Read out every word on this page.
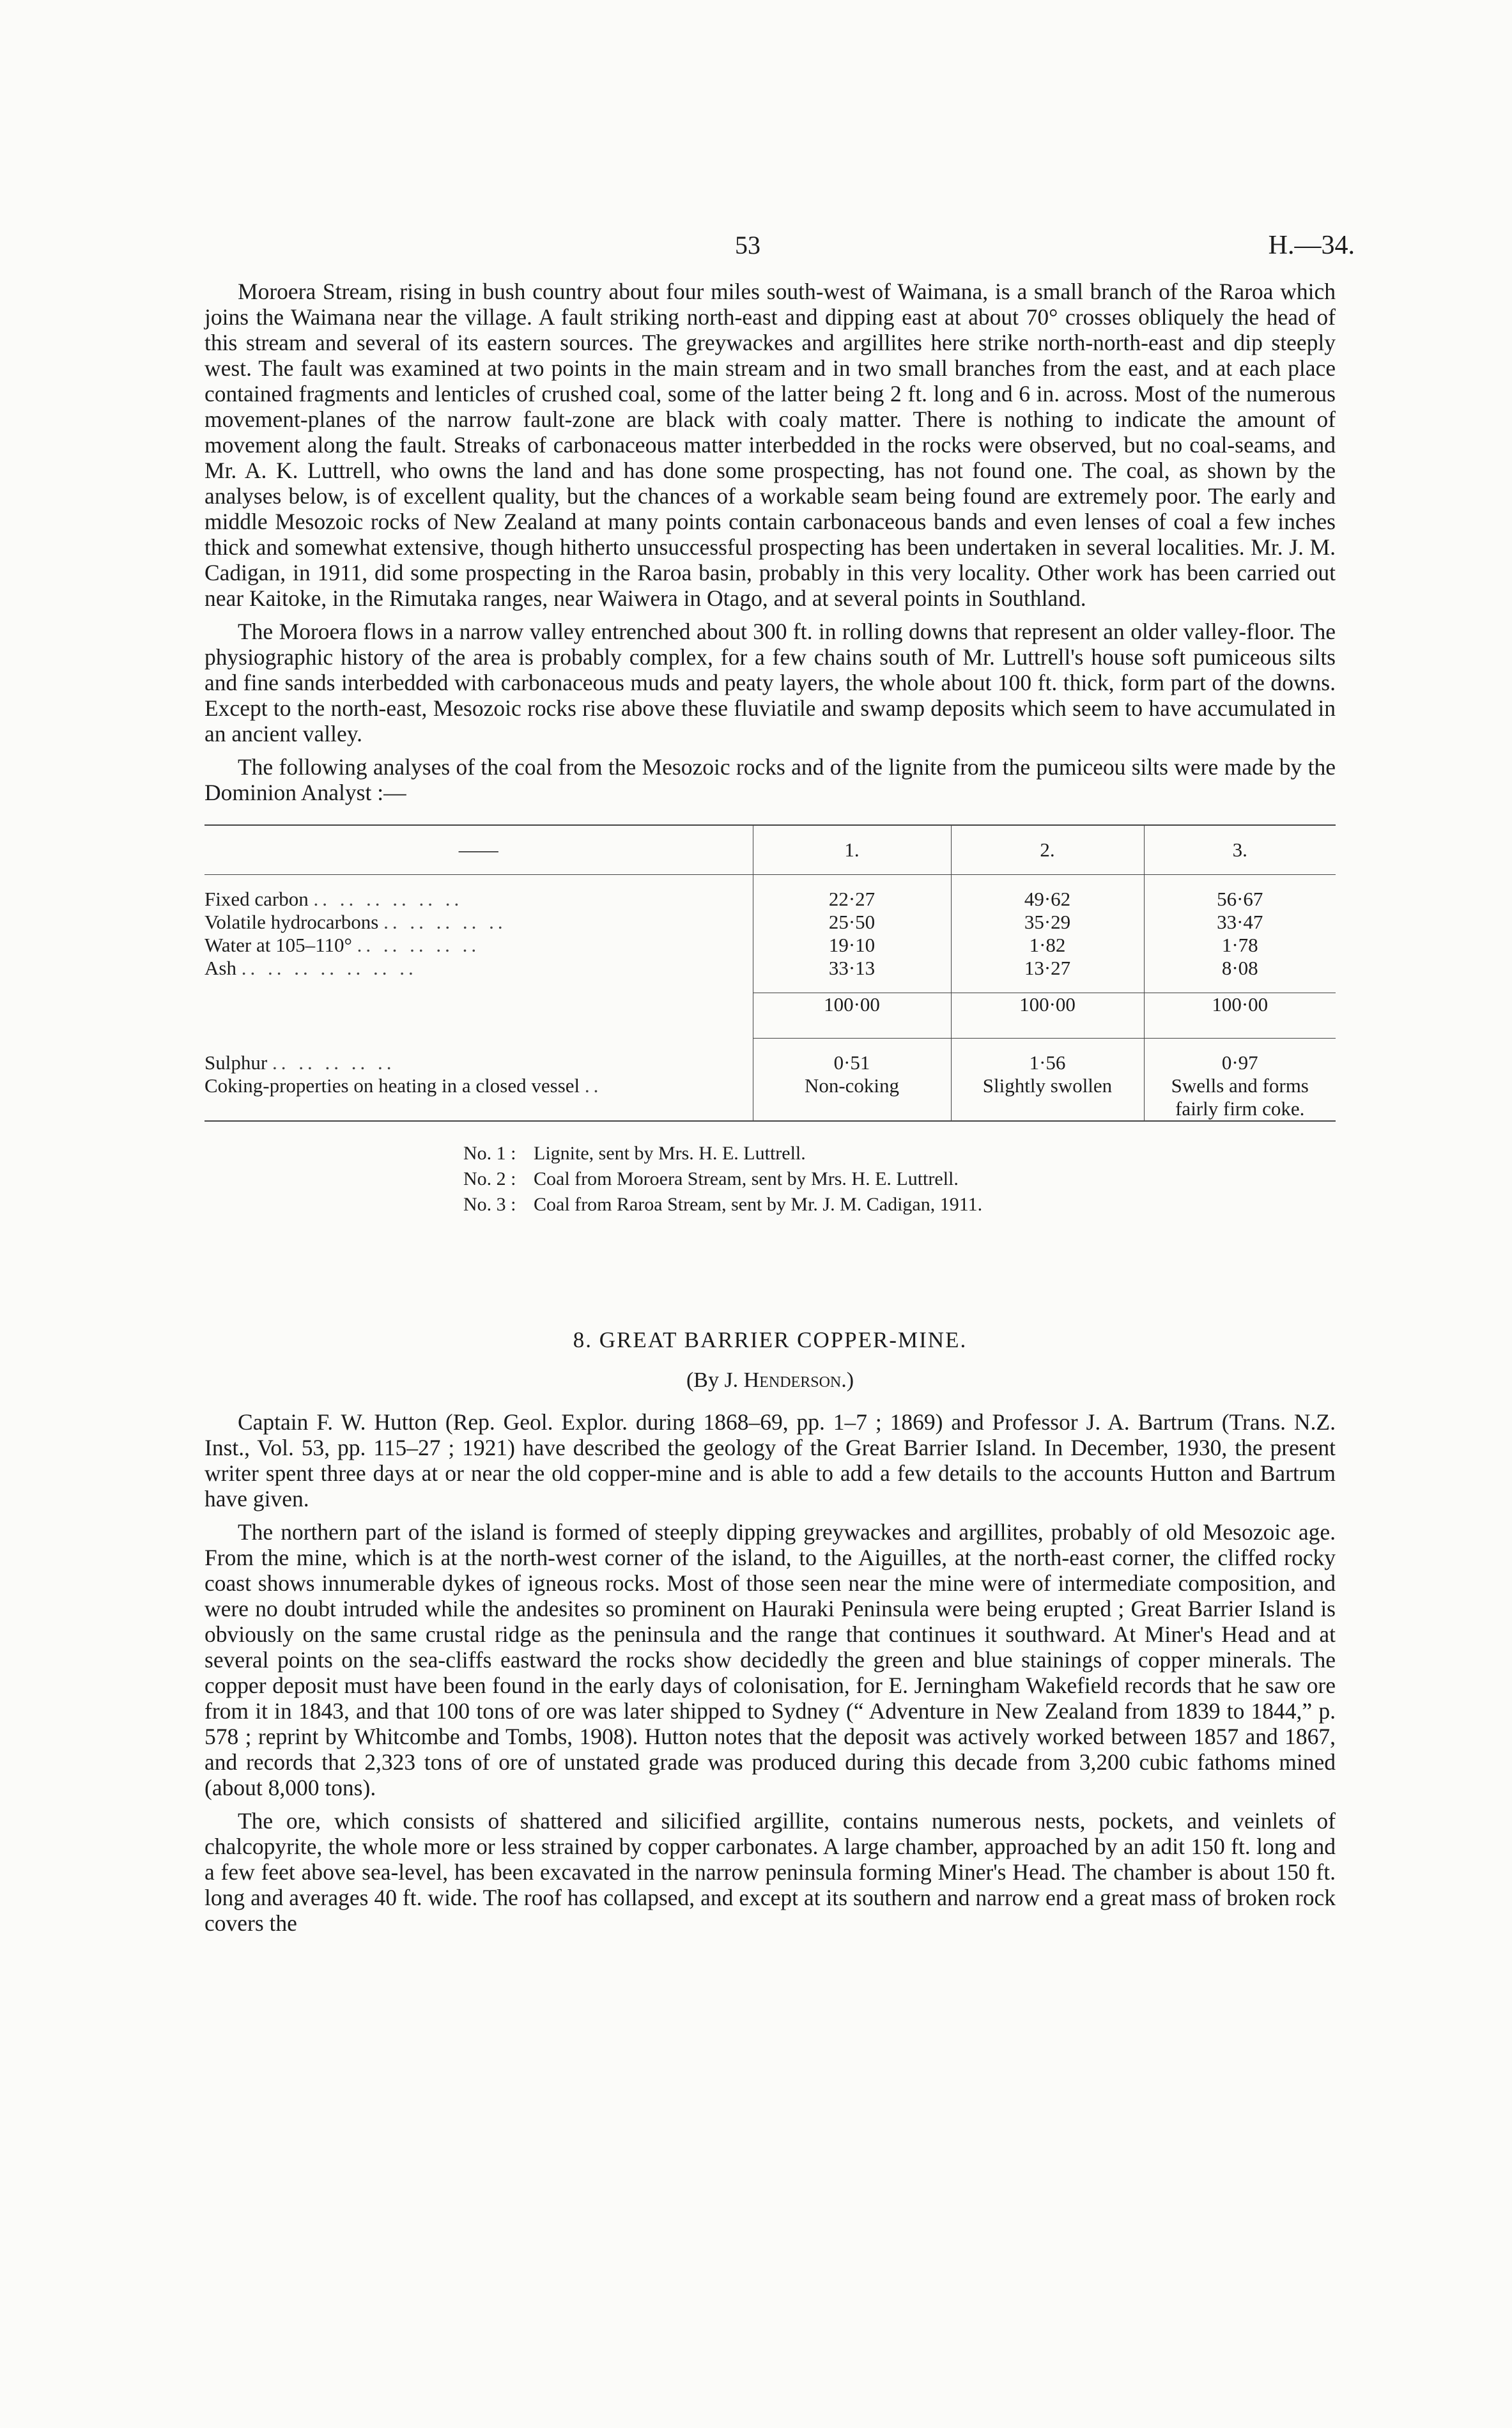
53	H.—34.

Moroera Stream, rising in bush country about four miles south-west of Waimana, is a small branch of the Raroa which joins the Waimana near the village. A fault striking north-east and dipping east at about 70° crosses obliquely the head of this stream and several of its eastern sources. The greywackes and argillites here strike north-north-east and dip steeply west. The fault was examined at two points in the main stream and in two small branches from the east, and at each place contained fragments and lenticles of crushed coal, some of the latter being 2 ft. long and 6 in. across. Most of the numerous movement-planes of the narrow fault-zone are black with coaly matter. There is nothing to indicate the amount of movement along the fault. Streaks of carbonaceous matter interbedded in the rocks were observed, but no coal-seams, and Mr. A. K. Luttrell, who owns the land and has done some prospecting, has not found one. The coal, as shown by the analyses below, is of excellent quality, but the chances of a workable seam being found are extremely poor. The early and middle Mesozoic rocks of New Zealand at many points contain carbonaceous bands and even lenses of coal a few inches thick and somewhat extensive, though hitherto unsuccessful prospecting has been undertaken in several localities. Mr. J. M. Cadigan, in 1911, did some prospecting in the Raroa basin, probably in this very locality. Other work has been carried out near Kaitoke, in the Rimutaka ranges, near Waiwera in Otago, and at several points in Southland.

The Moroera flows in a narrow valley entrenched about 300 ft. in rolling downs that represent an older valley-floor. The physiographic history of the area is probably complex, for a few chains south of Mr. Luttrell's house soft pumiceous silts and fine sands interbedded with carbonaceous muds and peaty layers, the whole about 100 ft. thick, form part of the downs. Except to the north-east, Mesozoic rocks rise above these fluviatile and swamp deposits which seem to have accumulated in an ancient valley.

The following analyses of the coal from the Mesozoic rocks and of the lignite from the pumiceou silts were made by the Dominion Analyst :—

——	1.	2.	3.

Fixed carbon .. .. .. .. .. ..	22·27	49·62	56·67
Volatile hydrocarbons .. .. .. .. ..	25·50	35·29	33·47
Water at 105–110° .. .. .. .. ..	19·10	1·82	1·78
Ash .. .. .. .. .. .. ..	33·13	13·27	8·08

	100·00	100·00	100·00

Sulphur .. .. .. .. ..	0·51	1·56	0·97
Coking-properties on heating in a closed vessel ..	Non-coking	Slightly swollen	Swells and forms fairly firm coke.
No. 1 : Lignite, sent by Mrs. H. E. Luttrell.
No. 2 : Coal from Moroera Stream, sent by Mrs. H. E. Luttrell.
No. 3 : Coal from Raroa Stream, sent by Mr. J. M. Cadigan, 1911.
8. GREAT BARRIER COPPER-MINE.
(By J. Henderson.)

Captain F. W. Hutton (Rep. Geol. Explor. during 1868–69, pp. 1–7 ; 1869) and Professor J. A. Bartrum (Trans. N.Z. Inst., Vol. 53, pp. 115–27 ; 1921) have described the geology of the Great Barrier Island. In December, 1930, the present writer spent three days at or near the old copper-mine and is able to add a few details to the accounts Hutton and Bartrum have given.

The northern part of the island is formed of steeply dipping greywackes and argillites, probably of old Mesozoic age. From the mine, which is at the north-west corner of the island, to the Aiguilles, at the north-east corner, the cliffed rocky coast shows innumerable dykes of igneous rocks. Most of those seen near the mine were of intermediate composition, and were no doubt intruded while the andesites so prominent on Hauraki Peninsula were being erupted ; Great Barrier Island is obviously on the same crustal ridge as the peninsula and the range that continues it southward. At Miner's Head and at several points on the sea-cliffs eastward the rocks show decidedly the green and blue stainings of copper minerals. The copper deposit must have been found in the early days of colonisation, for E. Jerningham Wakefield records that he saw ore from it in 1843, and that 100 tons of ore was later shipped to Sydney (“ Adventure in New Zealand from 1839 to 1844,” p. 578 ; reprint by Whitcombe and Tombs, 1908). Hutton notes that the deposit was actively worked between 1857 and 1867, and records that 2,323 tons of ore of unstated grade was produced during this decade from 3,200 cubic fathoms mined (about 8,000 tons).

The ore, which consists of shattered and silicified argillite, contains numerous nests, pockets, and veinlets of chalcopyrite, the whole more or less strained by copper carbonates. A large chamber, approached by an adit 150 ft. long and a few feet above sea-level, has been excavated in the narrow peninsula forming Miner's Head. The chamber is about 150 ft. long and averages 40 ft. wide. The roof has collapsed, and except at its southern and narrow end a great mass of broken rock covers the
